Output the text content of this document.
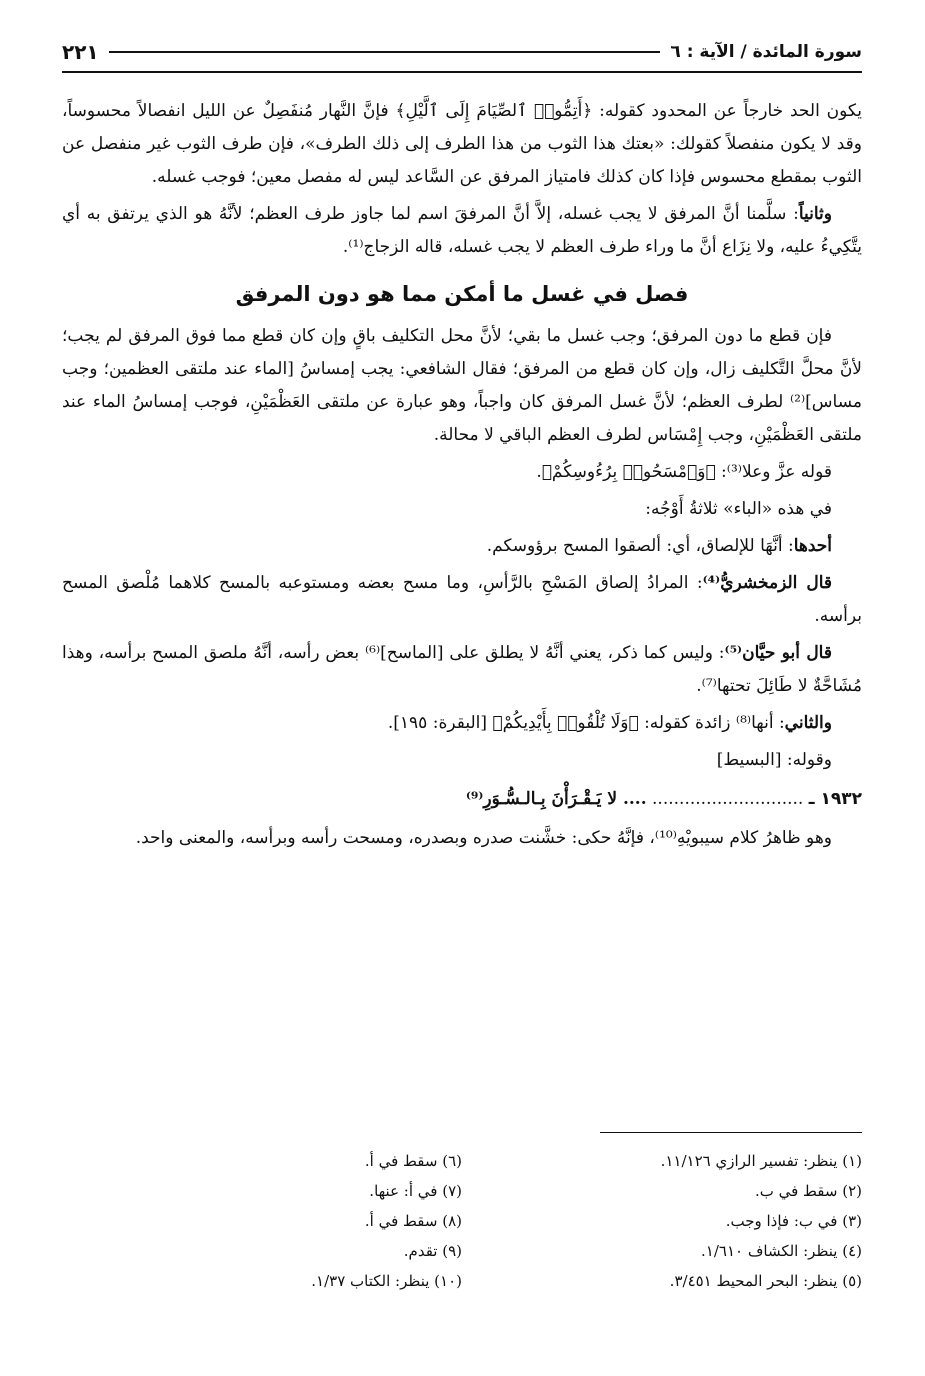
سورة المائدة / الآية : ٦
٢٢١

يكون الحد خارجاً عن المحدود كقوله: ﴿أَتِمُّوا۟ ٱلصِّيَامَ إِلَى ٱلَّيْلِ﴾ فإنَّ النَّهار مُنفَصِلٌ عن الليل انفصالاً محسوساً، وقد لا يكون منفصلاً كقولك: «بعتك هذا الثوب من هذا الطرف إلى ذلك الطرف»، فإن طرف الثوب غير منفصل عن الثوب بمقطع محسوس فإذا كان كذلك فامتياز المرفق عن السَّاعد ليس له مفصل معين؛ فوجب غسله.

وثانياً: سلَّمنا أنَّ المرفق لا يجب غسله، إلاَّ أنَّ المرفقَ اسم لما جاوز طرف العظم؛ لأنَّهُ هو الذي يرتفق به أي يتَّكِيءُ عليه، ولا نِزَاع أنَّ ما وراء طرف العظم لا يجب غسله، قاله الزجاج⁽¹⁾.

فصل في غسل ما أمكن مما هو دون المرفق

فإن قطع ما دون المرفق؛ وجب غسل ما بقي؛ لأنَّ محل التكليف باقٍ وإن كان قطع مما فوق المرفق لم يجب؛ لأنَّ محلَّ التَّكليف زال، وإن كان قطع من المرفق؛ فقال الشافعي: يجب إمساسُ [الماء عند ملتقى العظمين؛ وجب مساس]⁽²⁾ لطرف العظم؛ لأنَّ غسل المرفق كان واجباً، وهو عبارة عن ملتقى العَظْمَيْنِ، فوجب إمساسُ الماء عند ملتقى العَظْمَيْنِ، وجب إِمْسَاس لطرف العظم الباقي لا محالة.

قوله عزَّ وعلا⁽³⁾: ﴿وَٱمْسَحُوا۟ بِرُءُوسِكُمْ﴾.

في هذه «الباء» ثلاثةُ أَوْجُه:

أحدها: أنَّهَا للإلصاق، أي: ألصقوا المسح برؤوسكم.

قال الزمخشريُّ⁽⁴⁾: المرادُ إلصاق المَسْحِ بالرَّأسِ، وما مسح بعضه ومستوعبه بالمسح كلاهما مُلْصق المسح برأسه.

قال أبو حيَّان⁽⁵⁾: وليس كما ذكر، يعني أنَّهُ لا يطلق على [الماسح]⁽⁶⁾ بعض رأسه، أنَّهُ ملصق المسح برأسه، وهذا مُشَاحَّةٌ لا طَائِلَ تحتها⁽⁷⁾.

والثاني: أنها⁽⁸⁾ زائدة كقوله: ﴿وَلَا تُلْقُوا۟ بِأَيْدِيكُمْ﴾ [البقرة: ١٩٥].

وقوله: [البسيط]

١٩٣٢ ـ ............................ .... لا يَـقْـرَأْنَ بِـالـسُّـوَرِ⁽⁹⁾

وهو ظاهرُ كلام سيبويْهِ⁽¹⁰⁾، فإنَّهُ حكى: خشَّنت صدره وبصدره، ومسحت رأسه وبرأسه، والمعنى واحد.

(١) ينظر: تفسير الرازي ١١/١٢٦.
(٢) سقط في ب.
(٣) في ب: فإذا وجب.
(٤) ينظر: الكشاف ١/٦١٠.
(٥) ينظر: البحر المحيط ٣/٤٥١.
(٦) سقط في أ.
(٧) في أ: عنها.
(٨) سقط في أ.
(٩) تقدم.
(١٠) ينظر: الكتاب ١/٣٧.
